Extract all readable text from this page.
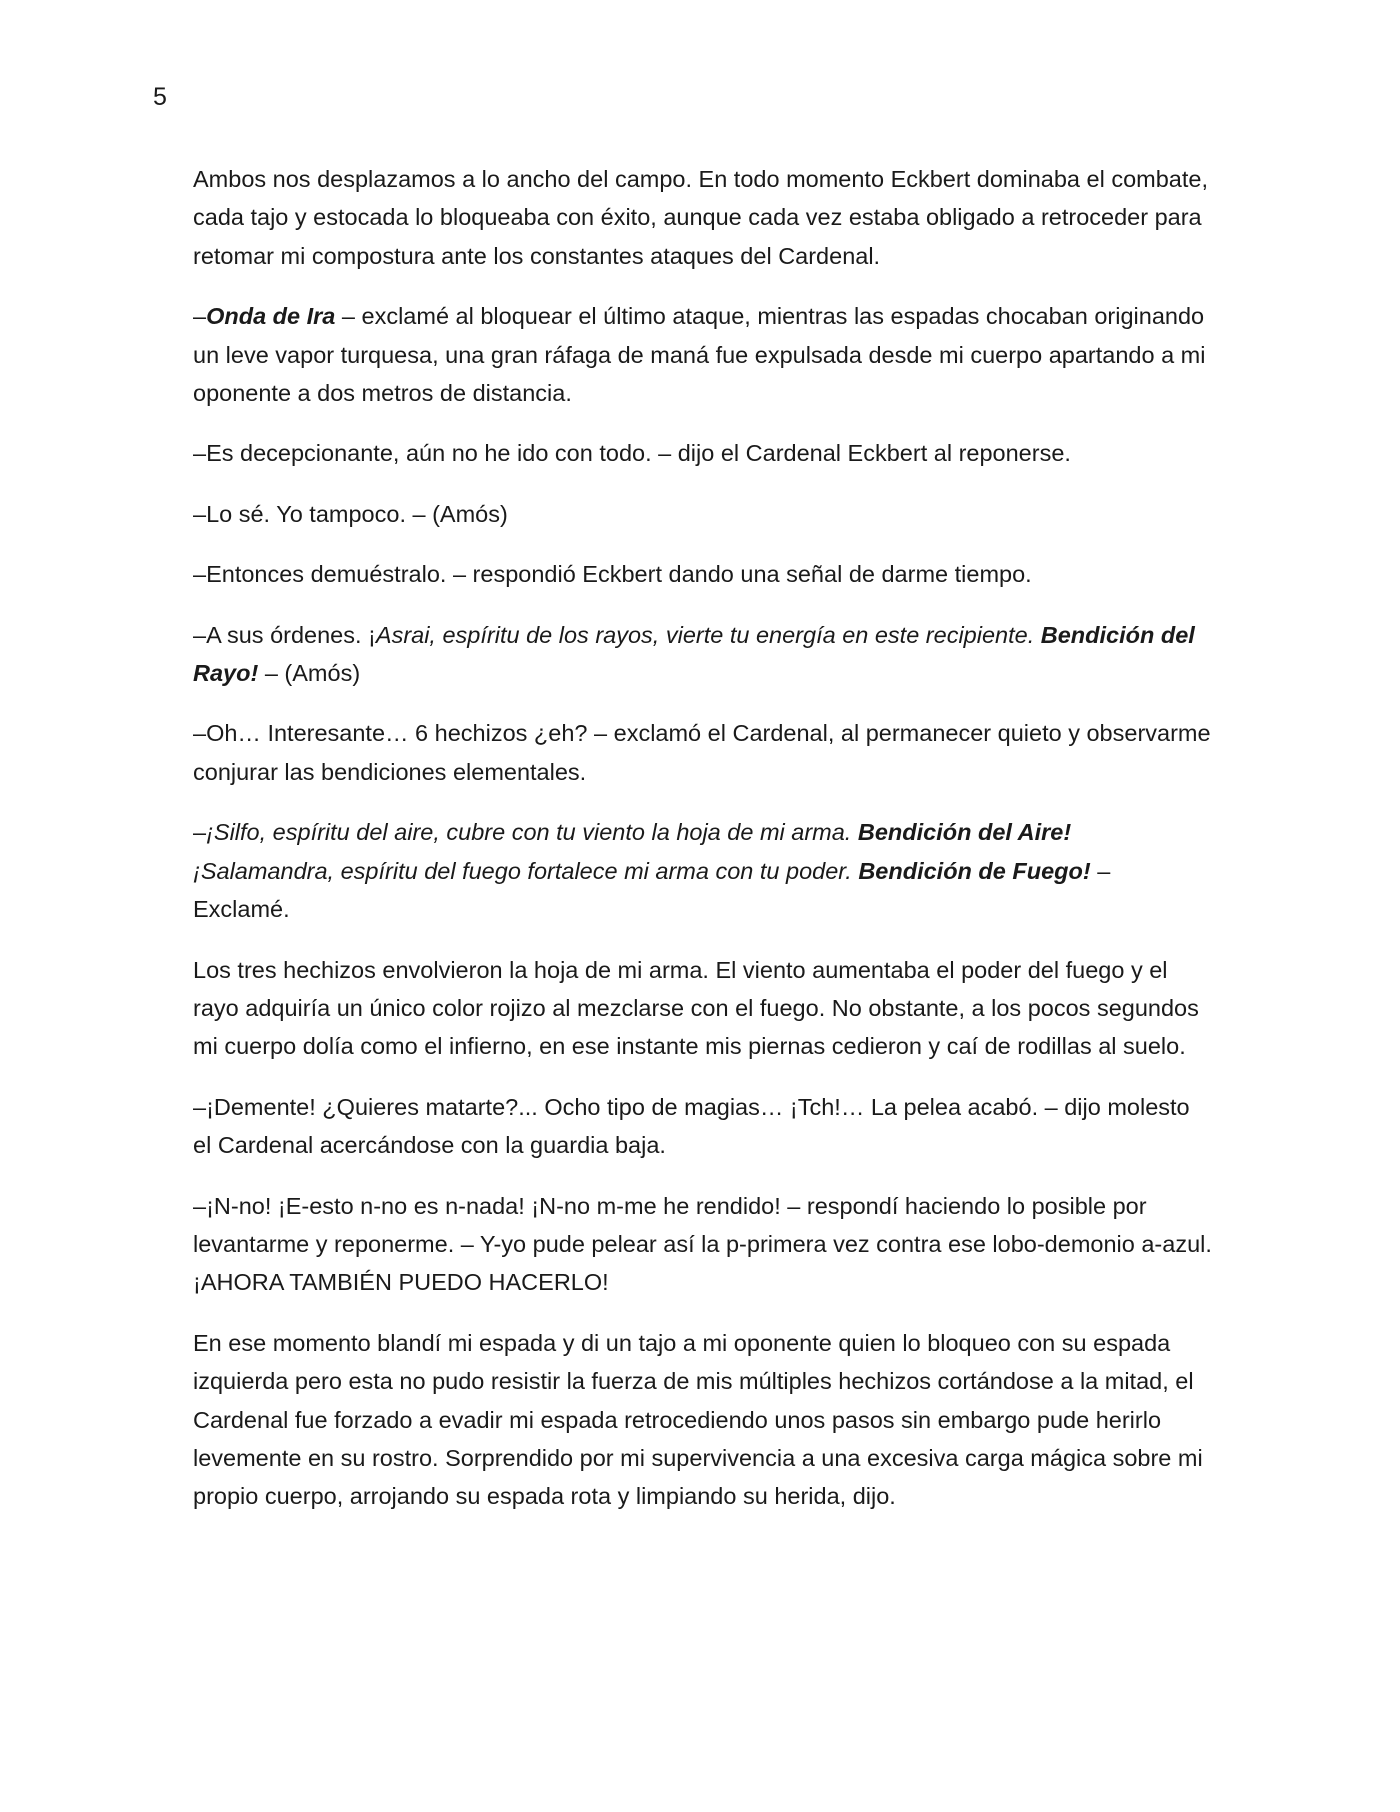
5

Ambos nos desplazamos a lo ancho del campo. En todo momento Eckbert dominaba el combate, cada tajo y estocada lo bloqueaba con éxito, aunque cada vez estaba obligado a retroceder para retomar mi compostura ante los constantes ataques del Cardenal.

–Onda de Ira – exclamé al bloquear el último ataque, mientras las espadas chocaban originando un leve vapor turquesa, una gran ráfaga de maná fue expulsada desde mi cuerpo apartando a mi oponente a dos metros de distancia.

–Es decepcionante, aún no he ido con todo. – dijo el Cardenal Eckbert al reponerse.

–Lo sé. Yo tampoco. – (Amós)

–Entonces demuéstralo. – respondió Eckbert dando una señal de darme tiempo.

–A sus órdenes. ¡Asrai, espíritu de los rayos, vierte tu energía en este recipiente. Bendición del Rayo! – (Amós)

–Oh… Interesante… 6 hechizos ¿eh? – exclamó el Cardenal, al permanecer quieto y observarme conjurar las bendiciones elementales.

–¡Silfo, espíritu del aire, cubre con tu viento la hoja de mi arma. Bendición del Aire! ¡Salamandra, espíritu del fuego fortalece mi arma con tu poder. Bendición de Fuego! – Exclamé.

Los tres hechizos envolvieron la hoja de mi arma. El viento aumentaba el poder del fuego y el rayo adquiría un único color rojizo al mezclarse con el fuego. No obstante, a los pocos segundos mi cuerpo dolía como el infierno, en ese instante mis piernas cedieron y caí de rodillas al suelo.

–¡Demente! ¿Quieres matarte?... Ocho tipo de magias… ¡Tch!… La pelea acabó. – dijo molesto el Cardenal acercándose con la guardia baja.

–¡N-no! ¡E-esto n-no es n-nada! ¡N-no m-me he rendido! – respondí haciendo lo posible por levantarme y reponerme. – Y-yo pude pelear así la p-primera vez contra ese lobo-demonio a-azul. ¡AHORA TAMBIÉN PUEDO HACERLO!

En ese momento blandí mi espada y di un tajo a mi oponente quien lo bloqueo con su espada izquierda pero esta no pudo resistir la fuerza de mis múltiples hechizos cortándose a la mitad, el Cardenal fue forzado a evadir mi espada retrocediendo unos pasos sin embargo pude herirlo levemente en su rostro. Sorprendido por mi supervivencia a una excesiva carga mágica sobre mi propio cuerpo, arrojando su espada rota y limpiando su herida, dijo.
